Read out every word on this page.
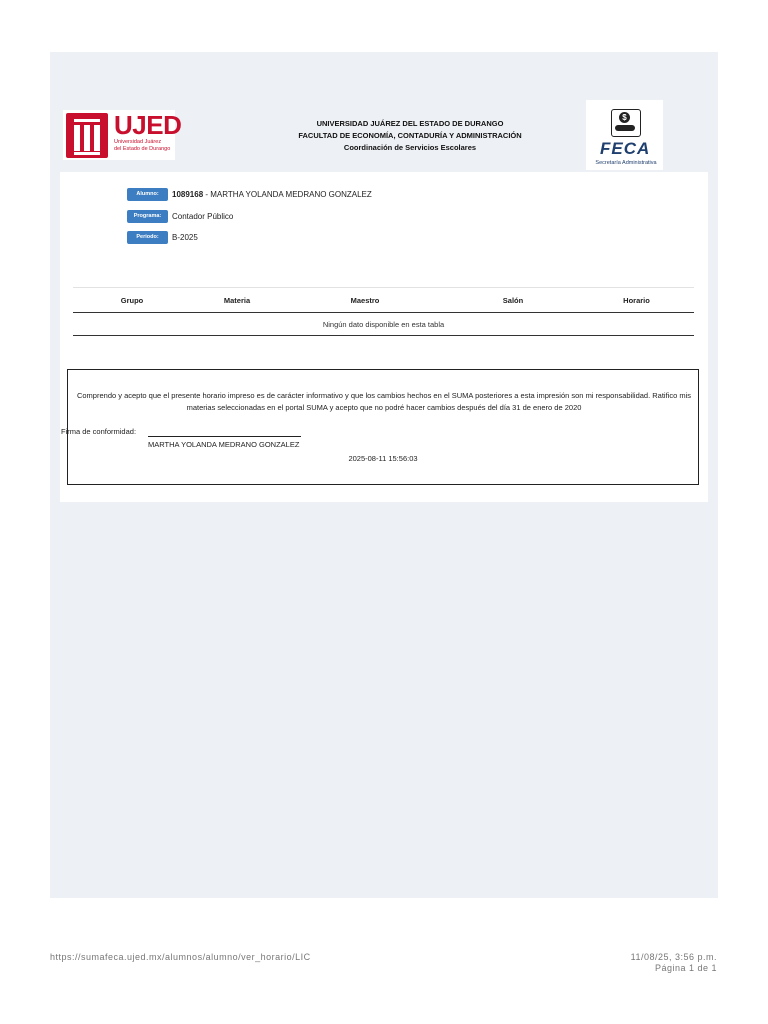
UJED
Universidad Juárez
del Estado de Durango
UNIVERSIDAD JUÁREZ DEL ESTADO DE DURANGO
FACULTAD DE ECONOMÍA, CONTADURÍA Y ADMINISTRACIÓN
Coordinación de Servicios Escolares
$
FECA
Secretaría Administrativa
Alumno:	1089168 - MARTHA YOLANDA MEDRANO GONZALEZ
Programa:	Contador Público
Periodo:	B-2025
Grupo	Materia	Maestro	Salón	Horario
Ningún dato disponible en esta tabla
Comprendo y acepto que el presente horario impreso es de carácter informativo y que los cambios hechos en el SUMA posteriores a esta impresión son mi responsabilidad. Ratifico mis materias seleccionadas en el portal SUMA y acepto que no podré hacer cambios después del día 31 de enero de 2020
Firma de conformidad:
MARTHA YOLANDA MEDRANO GONZALEZ
2025-08-11 15:56:03
https://sumafeca.ujed.mx/alumnos/alumno/ver_horario/LIC	11/08/25, 3:56 p.m.
Página 1 de 1
